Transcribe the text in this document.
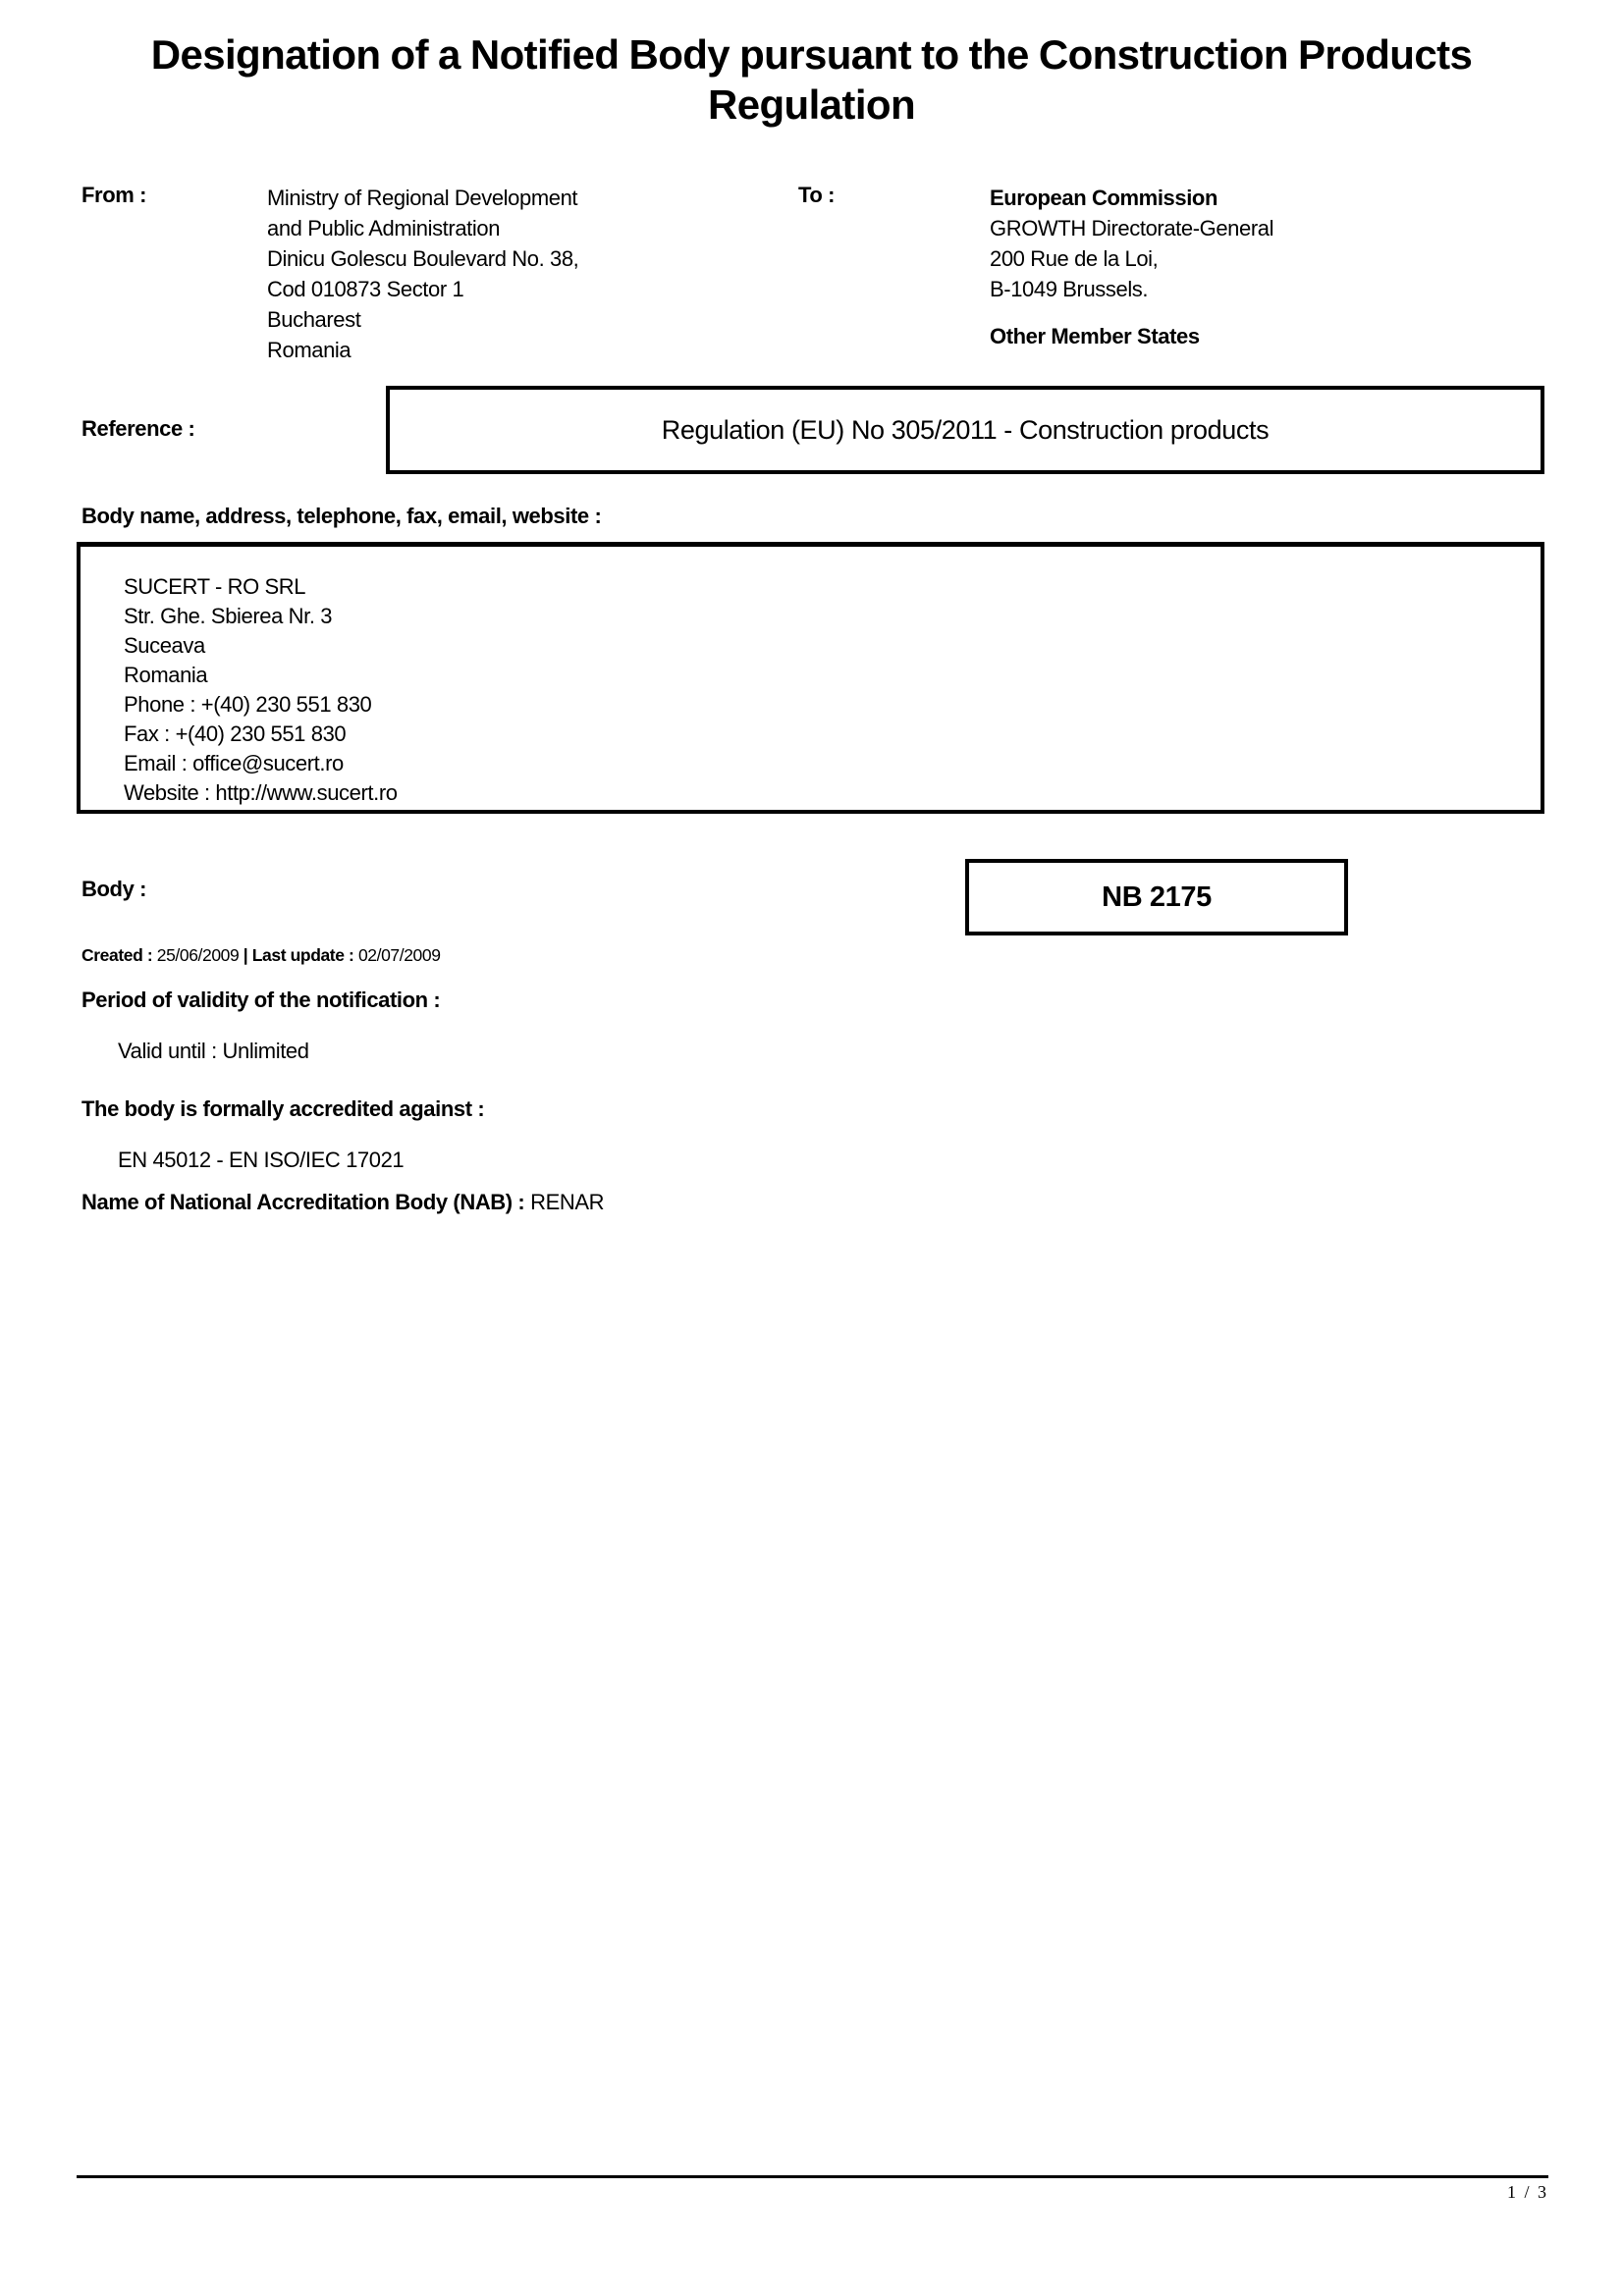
Designation of a Notified Body pursuant to the Construction Products Regulation
From :	Ministry of Regional Development
and Public Administration
Dinicu Golescu Boulevard No. 38,
Cod 010873 Sector 1
Bucharest
Romania
To :	European Commission
GROWTH Directorate-General
200 Rue de la Loi,
B-1049 Brussels.
Other Member States
Reference :	Regulation (EU) No 305/2011 - Construction products
Body name, address, telephone, fax, email, website :
SUCERT - RO SRL
Str. Ghe. Sbierea Nr. 3
Suceava
Romania
Phone : +(40) 230 551 830
Fax : +(40) 230 551 830
Email : office@sucert.ro
Website : http://www.sucert.ro
Body :	NB 2175
Created : 25/06/2009 | Last update : 02/07/2009
Period of validity of the notification :
Valid until : Unlimited
The body is formally accredited against :
EN 45012 - EN ISO/IEC 17021
Name of National Accreditation Body (NAB) : RENAR
1 / 3
